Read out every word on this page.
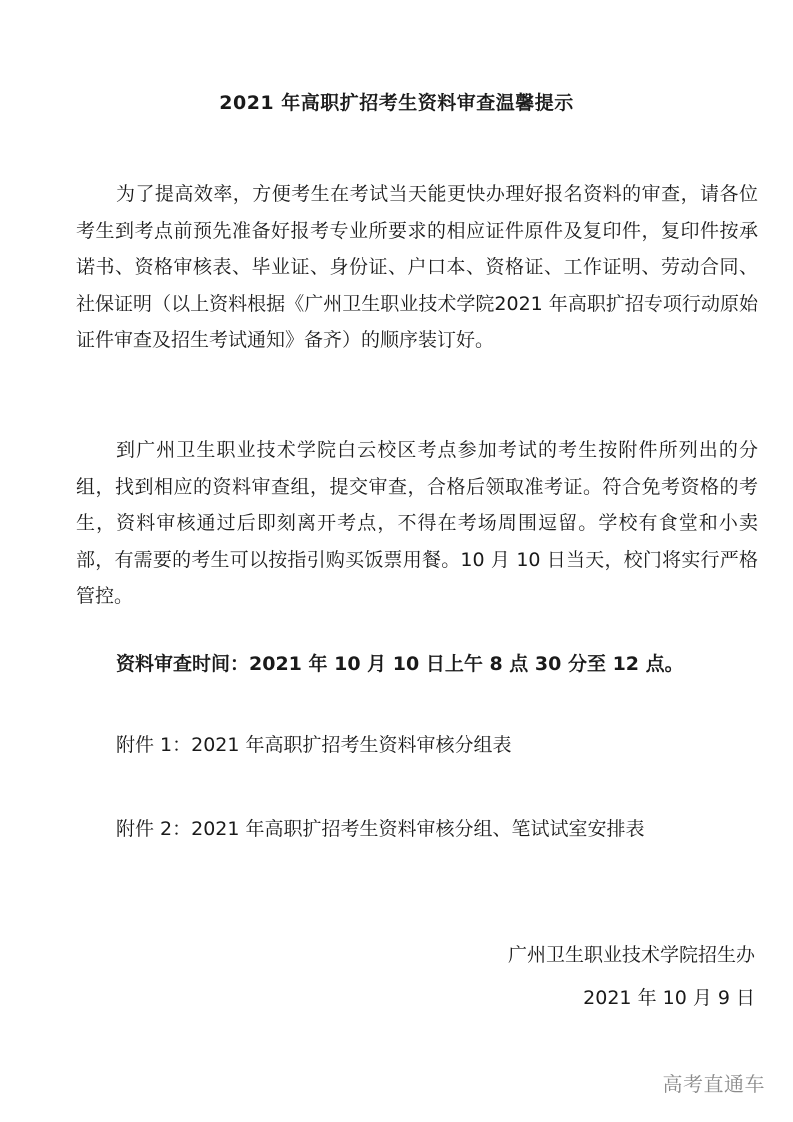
2021 年高职扩招考生资料审查温馨提示

为了提高效率，方便考生在考试当天能更快办理好报名资料的审查，请各位考生到考点前预先准备好报考专业所要求的相应证件原件及复印件，复印件按承诺书、资格审核表、毕业证、身份证、户口本、资格证、工作证明、劳动合同、社保证明（以上资料根据《广州卫生职业技术学院2021 年高职扩招专项行动原始证件审查及招生考试通知》备齐）的顺序装订好。

到广州卫生职业技术学院白云校区考点参加考试的考生按附件所列出的分组，找到相应的资料审查组，提交审查，合格后领取准考证。符合免考资格的考生，资料审核通过后即刻离开考点，不得在考场周围逗留。学校有食堂和小卖部，有需要的考生可以按指引购买饭票用餐。10 月 10 日当天，校门将实行严格管控。

资料审查时间：2021 年 10 月 10 日上午 8 点 30 分至 12 点。
附件 1：2021 年高职扩招考生资料审核分组表
附件 2：2021 年高职扩招考生资料审核分组、笔试试室安排表
广州卫生职业技术学院招生办
2021 年 10 月 9 日
高考直通车
